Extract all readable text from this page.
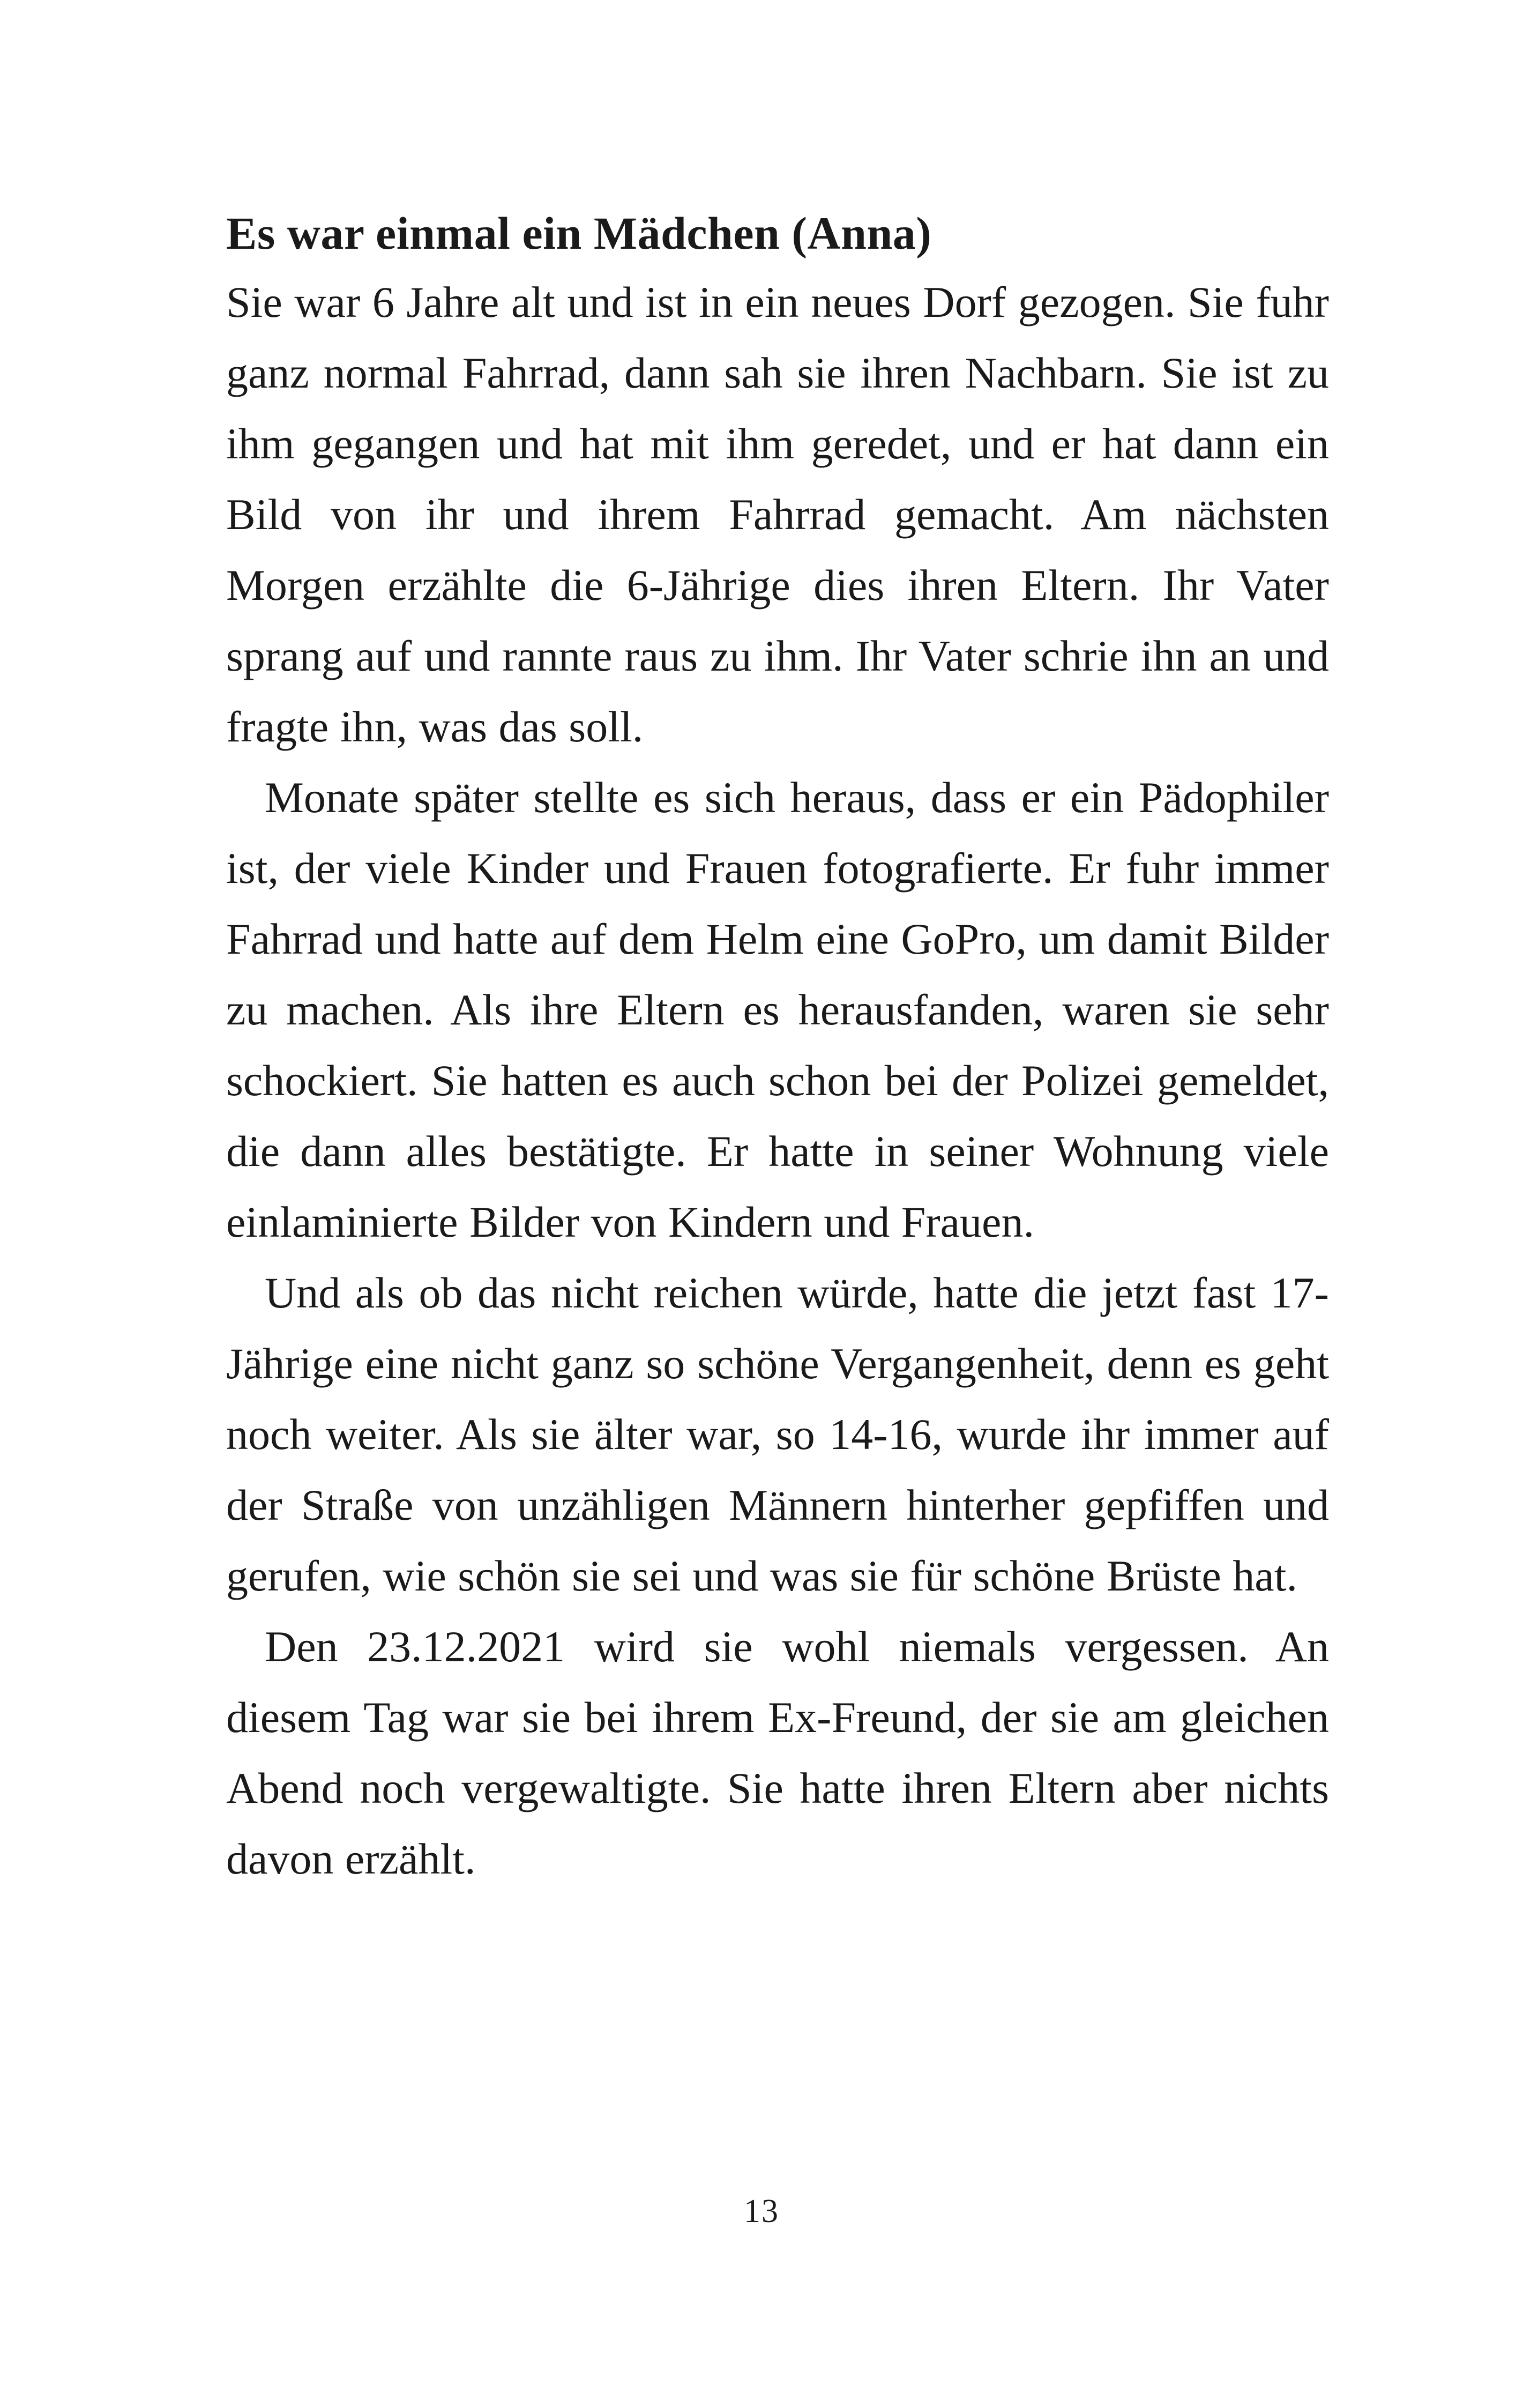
Es war einmal ein Mädchen (Anna)

Sie war 6 Jahre alt und ist in ein neues Dorf gezogen. Sie fuhr ganz normal Fahrrad, dann sah sie ihren Nachbarn. Sie ist zu ihm gegangen und hat mit ihm geredet, und er hat dann ein Bild von ihr und ihrem Fahrrad gemacht. Am nächsten Morgen erzählte die 6-Jährige dies ihren Eltern. Ihr Vater sprang auf und rannte raus zu ihm. Ihr Vater schrie ihn an und fragte ihn, was das soll.

Monate später stellte es sich heraus, dass er ein Pädophiler ist, der viele Kinder und Frauen fotografierte. Er fuhr immer Fahrrad und hatte auf dem Helm eine GoPro, um damit Bilder zu machen. Als ihre Eltern es herausfanden, waren sie sehr schockiert. Sie hatten es auch schon bei der Polizei gemeldet, die dann alles bestätigte. Er hatte in seiner Wohnung viele einlaminierte Bilder von Kindern und Frauen.

Und als ob das nicht reichen würde, hatte die jetzt fast 17-Jährige eine nicht ganz so schöne Vergangenheit, denn es geht noch weiter. Als sie älter war, so 14-16, wurde ihr immer auf der Straße von unzähligen Männern hinterher gepfiffen und gerufen, wie schön sie sei und was sie für schöne Brüste hat.

Den 23.12.2021 wird sie wohl niemals vergessen. An diesem Tag war sie bei ihrem Ex-Freund, der sie am gleichen Abend noch vergewaltigte. Sie hatte ihren Eltern aber nichts davon erzählt.

13
